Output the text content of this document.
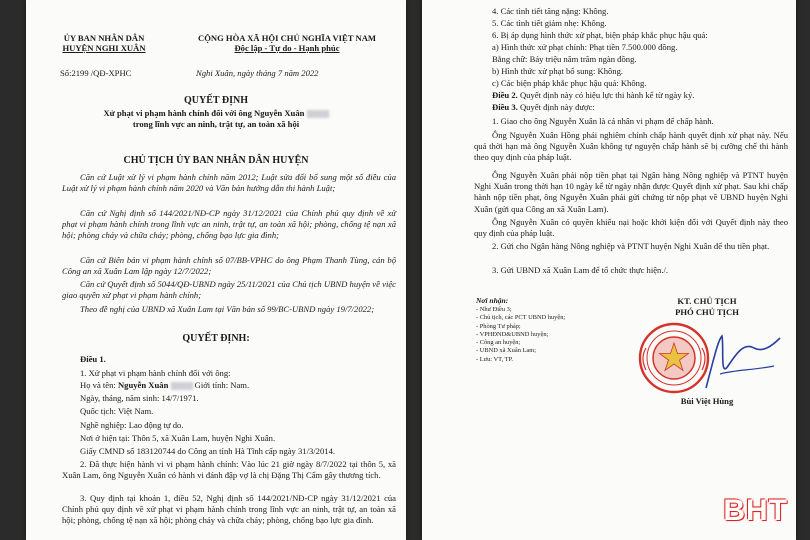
ỦY BAN NHÂN DÂN
HUYỆN NGHI XUÂN
CỘNG HÒA XÃ HỘI CHỦ NGHĨA VIỆT NAM
Độc lập - Tự do - Hạnh phúc
Số:2199 /QĐ-XPHC	Nghi Xuân, ngày tháng 7 năm 2022
QUYẾT ĐỊNH
Xử phạt vi phạm hành chính đối với ông Nguyễn Xuân
trong lĩnh vực an ninh, trật tự, an toàn xã hội
CHỦ TỊCH ỦY BAN NHÂN DÂN HUYỆN
Căn cứ Luật xử lý vi phạm hành chính năm 2012; Luật sửa đổi bổ sung một số điều của Luật xử lý vi phạm hành chính năm 2020 và Văn bản hướng dẫn thi hành Luật;
Căn cứ Nghị định số 144/2021/NĐ-CP ngày 31/12/2021 của Chính phủ quy định về xử phạt vi phạm hành chính trong lĩnh vực an ninh, trật tự, an toàn xã hội; phòng, chống tệ nạn xã hội; phòng cháy và chữa cháy; phòng, chống bạo lực gia đình;
Căn cứ Biên bản vi phạm hành chính số 07/BB-VPHC do ông Phạm Thanh Tùng, cán bộ Công an xã Xuân Lam lập ngày 12/7/2022;
Căn cứ Quyết định số 5044/QĐ-UBND ngày 25/11/2021 của Chủ tịch UBND huyện về việc giao quyền xử phạt vi phạm hành chính;
Theo đề nghị của UBND xã Xuân Lam tại Văn bản số 99/BC-UBND ngày 19/7/2022;
QUYẾT ĐỊNH:
Điều 1.
1. Xử phạt vi phạm hành chính đối với ông:
Họ và tên: Nguyễn Xuân	Giới tính: Nam.
Ngày, tháng, năm sinh: 14/7/1971.
Quốc tịch: Việt Nam.
Nghề nghiệp: Lao động tự do.
Nơi ở hiện tại: Thôn 5, xã Xuân Lam, huyện Nghi Xuân.
Giấy CMND số 183120744 do Công an tỉnh Hà Tĩnh cấp ngày 31/3/2014.
2. Đã thực hiện hành vi vi phạm hành chính: Vào lúc 21 giờ ngày 8/7/2022 tại thôn 5, xã Xuân Lam, ông Nguyễn Xuân có hành vi đánh đập vợ là chị Đặng Thị Cẩm gây thương tích.
3. Quy định tại khoản 1, điều 52, Nghị định số 144/2021/NĐ-CP ngày 31/12/2021 của Chính phủ quy định về xử phạt vi phạm hành chính trong lĩnh vực an ninh, trật tự, an toàn xã hội; phòng, chống tệ nạn xã hội; phòng cháy và chữa cháy; phòng, chống bạo lực gia đình.
4. Các tình tiết tăng nặng: Không.
5. Các tình tiết giảm nhẹ: Không.
6. Bị áp dụng hình thức xử phạt, biện pháp khắc phục hậu quả:
a) Hình thức xử phạt chính: Phạt tiền 7.500.000 đồng.
Bằng chữ: Bảy triệu năm trăm ngàn đồng.
b) Hình thức xử phạt bổ sung: Không.
c) Các biện pháp khắc phục hậu quả: Không.
Điều 2. Quyết định này có hiệu lực thi hành kể từ ngày ký.
Điều 3. Quyết định này được:
1. Giao cho ông Nguyễn Xuân là cá nhân vi phạm để chấp hành.
Ông Nguyễn Xuân Hồng phải nghiêm chỉnh chấp hành quyết định xử phạt này. Nếu quá thời hạn mà ông Nguyễn Xuân không tự nguyện chấp hành sẽ bị cưỡng chế thi hành theo quy định của pháp luật.
Ông Nguyễn Xuân phải nộp tiền phạt tại Ngân hàng Nông nghiệp và PTNT huyện Nghi Xuân trong thời hạn 10 ngày kể từ ngày nhận được Quyết định xử phạt. Sau khi chấp hành nộp tiền phạt, ông Nguyễn Xuân phải gửi chứng từ nộp phạt về UBND huyện Nghi Xuân (gửi qua Công an xã Xuân Lam).
Ông Nguyễn Xuân có quyền khiếu nại hoặc khởi kiện đối với Quyết định này theo quy định của pháp luật.
2. Gửi cho Ngân hàng Nông nghiệp và PTNT huyện Nghi Xuân để thu tiền phạt.
3. Gửi UBND xã Xuân Lam để tổ chức thực hiện./.
Nơi nhận:
- Như Điều 3;
- Chủ tịch, các PCT UBND huyện;
- Phòng Tư pháp;
- VPHĐND&UBND huyện;
- Công an huyện;
- UBND xã Xuân Lam;
- Lưu: VT, TP.
KT. CHỦ TỊCH
PHÓ CHỦ TỊCH
Bùi Việt Hùng
BHT
